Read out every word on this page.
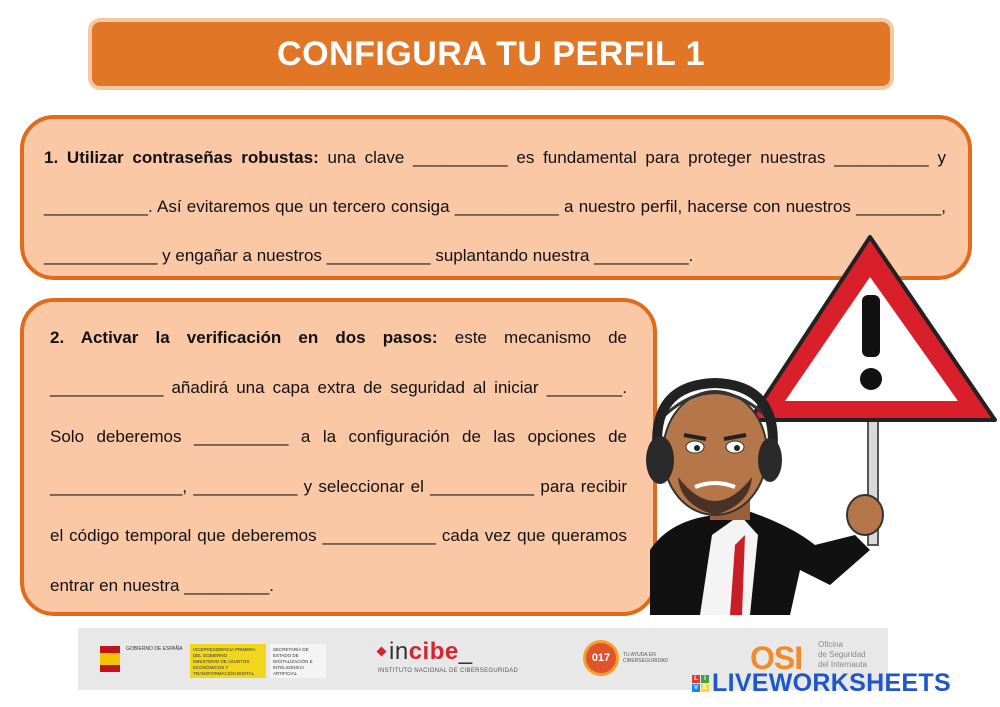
CONFIGURA TU PERFIL 1
1. Utilizar contraseñas robustas: una clave __________ es fundamental para proteger nuestras __________ y ___________. Así evitaremos que un tercero consiga ___________ a nuestro perfil, hacerse con nuestros _________, ____________ y engañar a nuestros ___________ suplantando nuestra __________.
2. Activar la verificación en dos pasos: este mecanismo de ____________ añadirá una capa extra de seguridad al iniciar ________. Solo deberemos __________ a la configuración de las opciones de ______________, ___________ y seleccionar el ___________ para recibir el código temporal que deberemos ____________ cada vez que queramos entrar en nuestra _________.
GOBIERNO DE ESPAÑA	VICEPRESIDENCIA PRIMERA DEL GOBIERNO
MINISTERIO DE ASUNTOS ECONÓMICOS Y TRANSFORMACIÓN DIGITAL
SECRETARÍA DE ESTADO DE DIGITALIZACIÓN E INTELIGENCIA ARTIFICIAL
incibe_
INSTITUTO NACIONAL DE CIBERSEGURIDAD
017	TU AYUDA EN
CIBERSEGURIDAD	OSI Oficina
de Seguridad
del Internauta
L	I
V E LIVEWORKSHEETS
